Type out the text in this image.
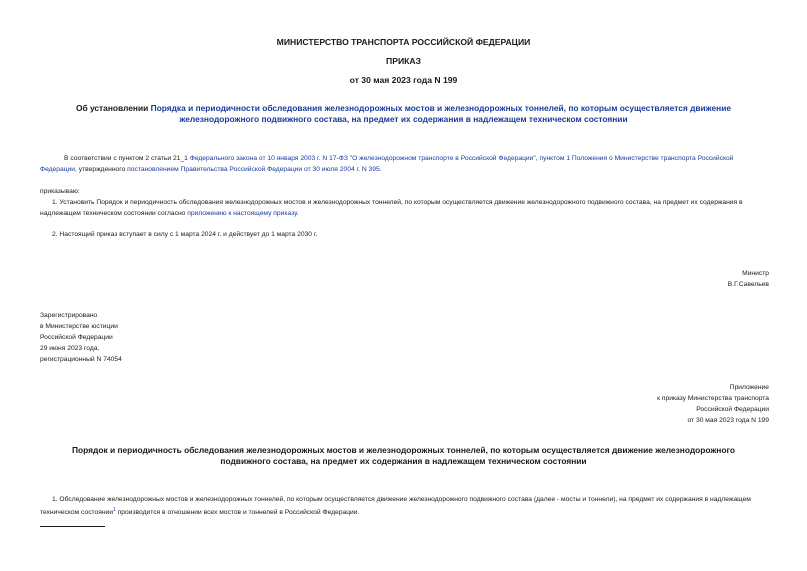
МИНИСТЕРСТВО ТРАНСПОРТА РОССИЙСКОЙ ФЕДЕРАЦИИ
ПРИКАЗ
от 30 мая 2023 года N 199
Об установлении Порядка и периодичности обследования железнодорожных мостов и железнодорожных тоннелей, по которым осуществляется движение железнодорожного подвижного состава, на предмет их содержания в надлежащем техническом состоянии
В соответствии с пунктом 2 статьи 21_1 Федерального закона от 10 января 2003 г. N 17-ФЗ "О железнодорожном транспорте в Российской Федерации", пунктом 1 Положения о Министерстве транспорта Российской Федерации, утвержденного постановлением Правительства Российской Федерации от 30 июля 2004 г. N 395.
приказываю:
1. Установить Порядок и периодичность обследования железнодорожных мостов и железнодорожных тоннелей, по которым осуществляется движение железнодорожного подвижного состава, на предмет их содержания в надлежащем техническом состоянии согласно приложению к настоящему приказу.
2. Настоящий приказ вступает в силу с 1 марта 2024 г. и действует до 1 марта 2030 г.
Министр
В.Г.Савельев
Зарегистрировано
в Министерстве юстиции
Российской Федерации
29 июня 2023 года,
регистрационный N 74054
Приложение
к приказу Министерства транспорта
Российской Федерации
от 30 мая 2023 года N 199
Порядок и периодичность обследования железнодорожных мостов и железнодорожных тоннелей, по которым осуществляется движение железнодорожного подвижного состава, на предмет их содержания в надлежащем техническом состоянии
1. Обследование железнодорожных мостов и железнодорожных тоннелей, по которым осуществляется движение железнодорожного подвижного состава (далее - мосты и тоннели), на предмет их содержания в надлежащем техническом состоянии$^1$ производится в отношении всех мостов и тоннелей в Российской Федерации.
